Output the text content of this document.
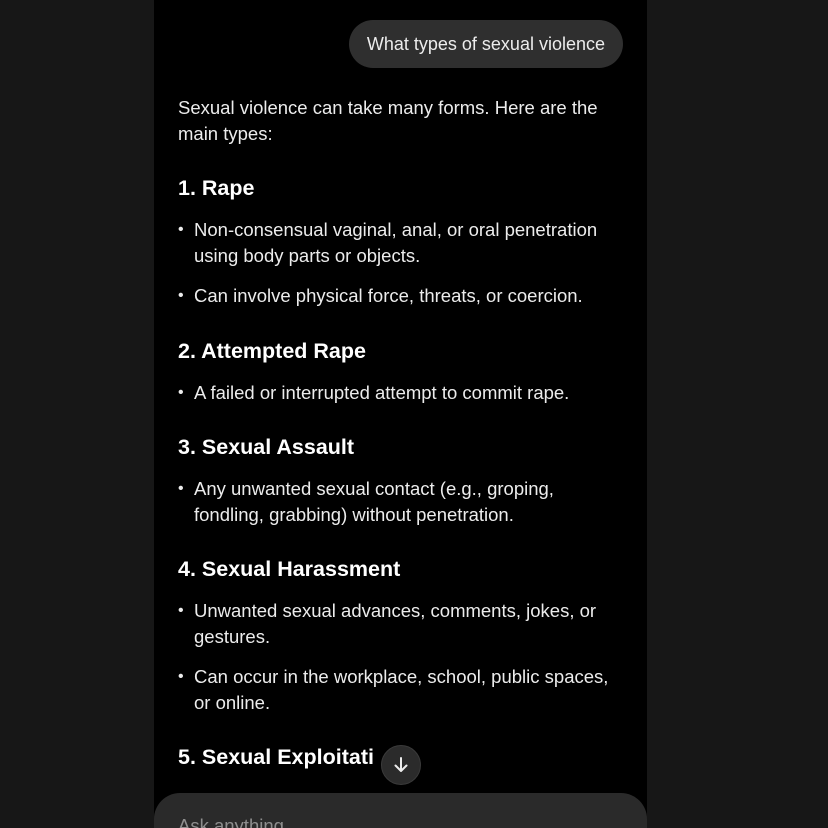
What types of sexual violence

Sexual violence can take many forms. Here are the main types:

1. Rape
• Non-consensual vaginal, anal, or oral penetration using body parts or objects.
• Can involve physical force, threats, or coercion.
2. Attempted Rape
• A failed or interrupted attempt to commit rape.
3. Sexual Assault
• Any unwanted sexual contact (e.g., groping, fondling, grabbing) without penetration.
4. Sexual Harassment
• Unwanted sexual advances, comments, jokes, or gestures.
• Can occur in the workplace, school, public spaces, or online.
5. Sexual Exploitati
Ask anything
